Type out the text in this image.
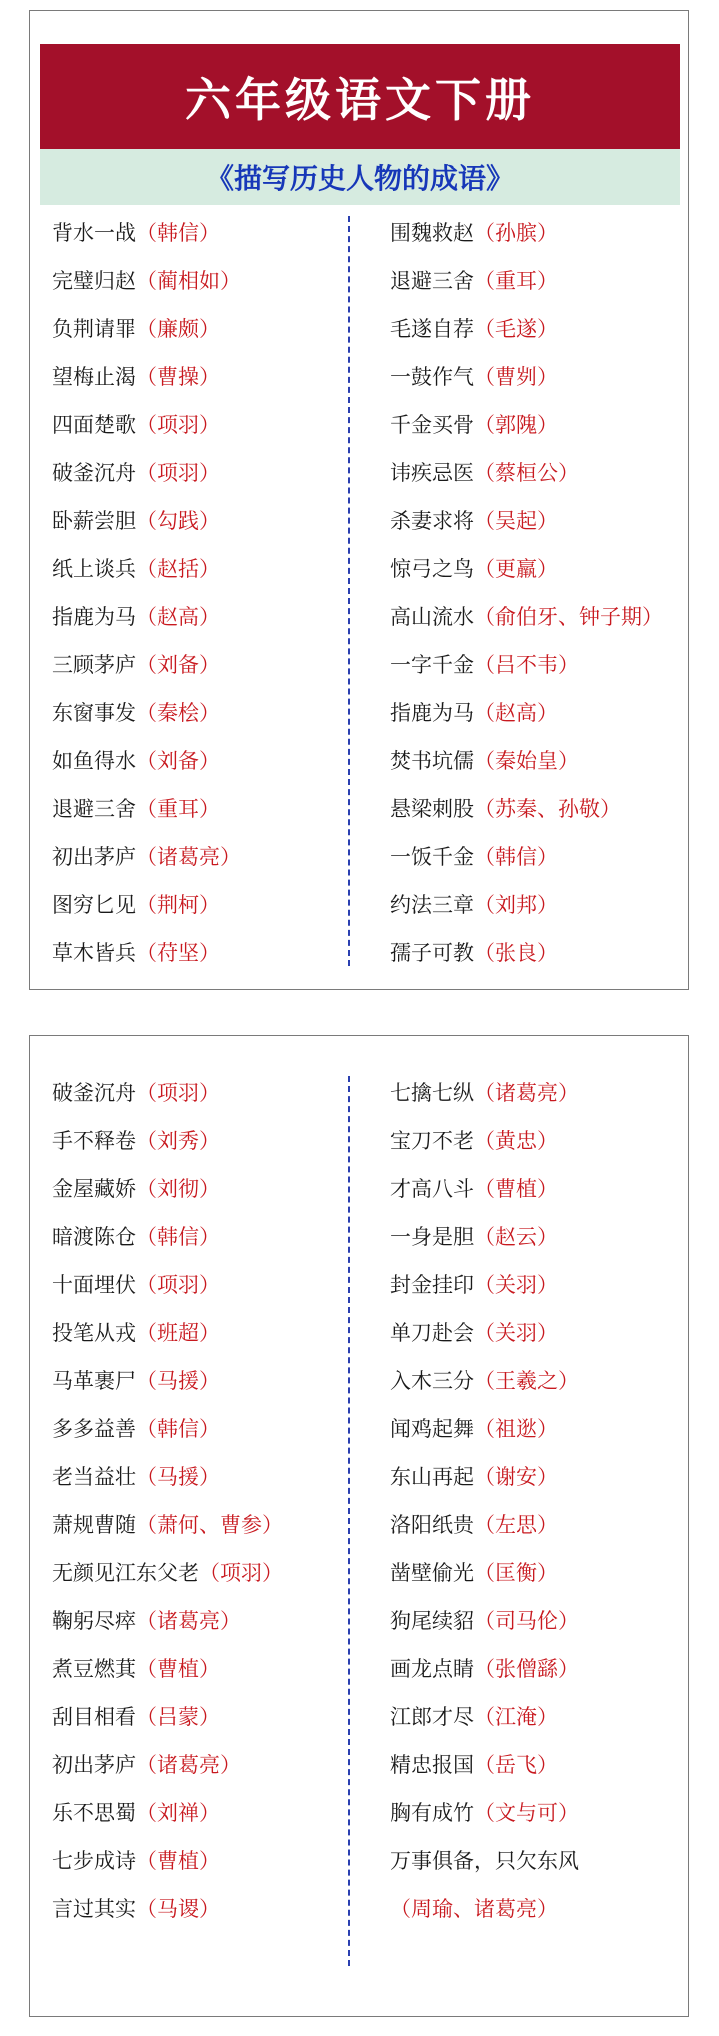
六年级语文下册
《描写历史人物的成语》
背水一战（韩信）
完璧归赵（蔺相如）
负荆请罪（廉颇）
望梅止渴（曹操）
四面楚歌（项羽）
破釜沉舟（项羽）
卧薪尝胆（勾践）
纸上谈兵（赵括）
指鹿为马（赵高）
三顾茅庐（刘备）
东窗事发（秦桧）
如鱼得水（刘备）
退避三舍（重耳）
初出茅庐（诸葛亮）
图穷匕见（荆柯）
草木皆兵（苻坚）
围魏救赵（孙膑）
退避三舍（重耳）
毛遂自荐（毛遂）
一鼓作气（曹刿）
千金买骨（郭隗）
讳疾忌医（蔡桓公）
杀妻求将（吴起）
惊弓之鸟（更羸）
高山流水（俞伯牙、钟子期）
一字千金（吕不韦）
指鹿为马（赵高）
焚书坑儒（秦始皇）
悬梁刺股（苏秦、孙敬）
一饭千金（韩信）
约法三章（刘邦）
孺子可教（张良）
破釜沉舟（项羽）
手不释卷（刘秀）
金屋藏娇（刘彻）
暗渡陈仓（韩信）
十面埋伏（项羽）
投笔从戎（班超）
马革裹尸（马援）
多多益善（韩信）
老当益壮（马援）
萧规曹随（萧何、曹参）
无颜见江东父老（项羽）
鞠躬尽瘁（诸葛亮）
煮豆燃萁（曹植）
刮目相看（吕蒙）
初出茅庐（诸葛亮）
乐不思蜀（刘禅）
七步成诗（曹植）
言过其实（马谡）
七擒七纵（诸葛亮）
宝刀不老（黄忠）
才高八斗（曹植）
一身是胆（赵云）
封金挂印（关羽）
单刀赴会（关羽）
入木三分（王羲之）
闻鸡起舞（祖逖）
东山再起（谢安）
洛阳纸贵（左思）
凿壁偷光（匡衡）
狗尾续貂（司马伦）
画龙点睛（张僧繇）
江郎才尽（江淹）
精忠报国（岳飞）
胸有成竹（文与可）
万事俱备，只欠东风
（周瑜、诸葛亮）
